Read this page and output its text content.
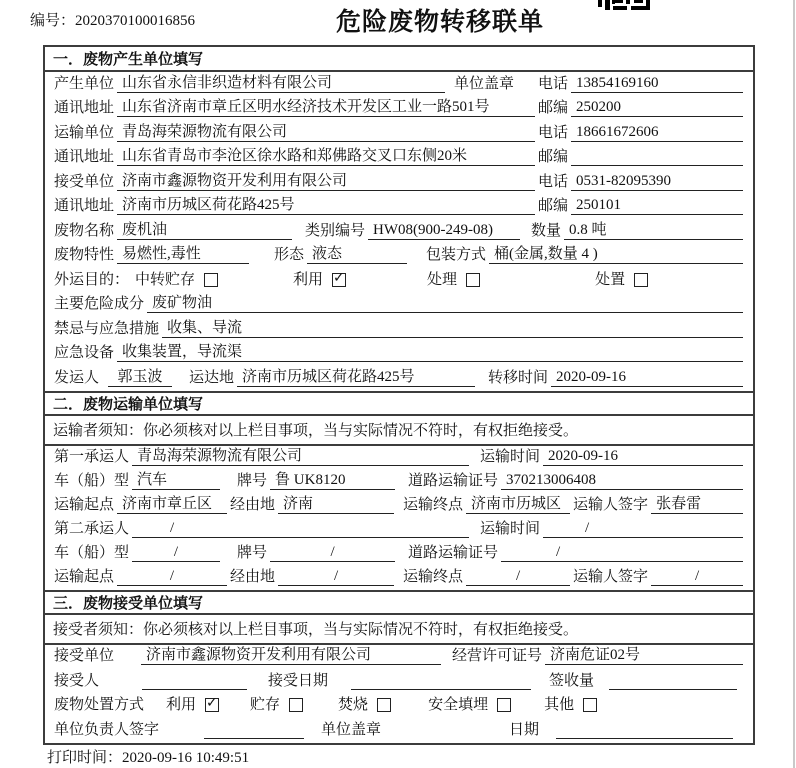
编号：2020370100016856	危险废物转移联单
一．废物产生单位填写
产生单位 山东省永信非织造材料有限公司	单位盖章 电话 13854169160
通讯地址 山东省济南市章丘区明水经济技术开发区工业一路501号	邮编 250200
运输单位 青岛海荣源物流有限公司	电话 18661672606
通讯地址 山东省青岛市李沧区徐水路和郑佛路交叉口东侧20米	邮编
接受单位 济南市鑫源物资开发利用有限公司	电话 0531-82095390
通讯地址 济南市历城区荷花路425号	邮编 250101
废物名称 废机油	类别编号 HW08(900-249-08)	数量 0.8 吨
废物特性 易燃性,毒性	形态 液态	包装方式 桶(金属,数量 4 )
外运目的： 中转贮存	利用 ✓	处理	处置
主要危险成分 废矿物油
禁忌与应急措施 收集、导流
应急设备 收集装置，导流渠
发运人	郭玉波	运达地 济南市历城区荷花路425号	转移时间 2020-09-16
二．废物运输单位填写
运输者须知：你必须核对以上栏目事项，当与实际情况不符时，有权拒绝接受。
第一承运人 青岛海荣源物流有限公司	运输时间 2020-09-16
车（船）型 汽车	牌号 鲁 UK8120	道路运输证号 370213006408
运输起点 济南市章丘区	经由地 济南	运输终点 济南市历城区 运输人签字 张春雷
第二承运人	/	运输时间	/
车（船）型	/	牌号	/	道路运输证号	/
运输起点	/	经由地	/	运输终点	/	运输人签字	/
三．废物接受单位填写
接受者须知：你必须核对以上栏目事项，当与实际情况不符时，有权拒绝接受。
接受单位	济南市鑫源物资开发利用有限公司	经营许可证号 济南危证02号
接受人	接受日期	签收量
废物处置方式 利用 ✓	贮存	焚烧	安全填埋	其他
单位负责人签字	单位盖章	日期
打印时间：2020-09-16 10:49:51
